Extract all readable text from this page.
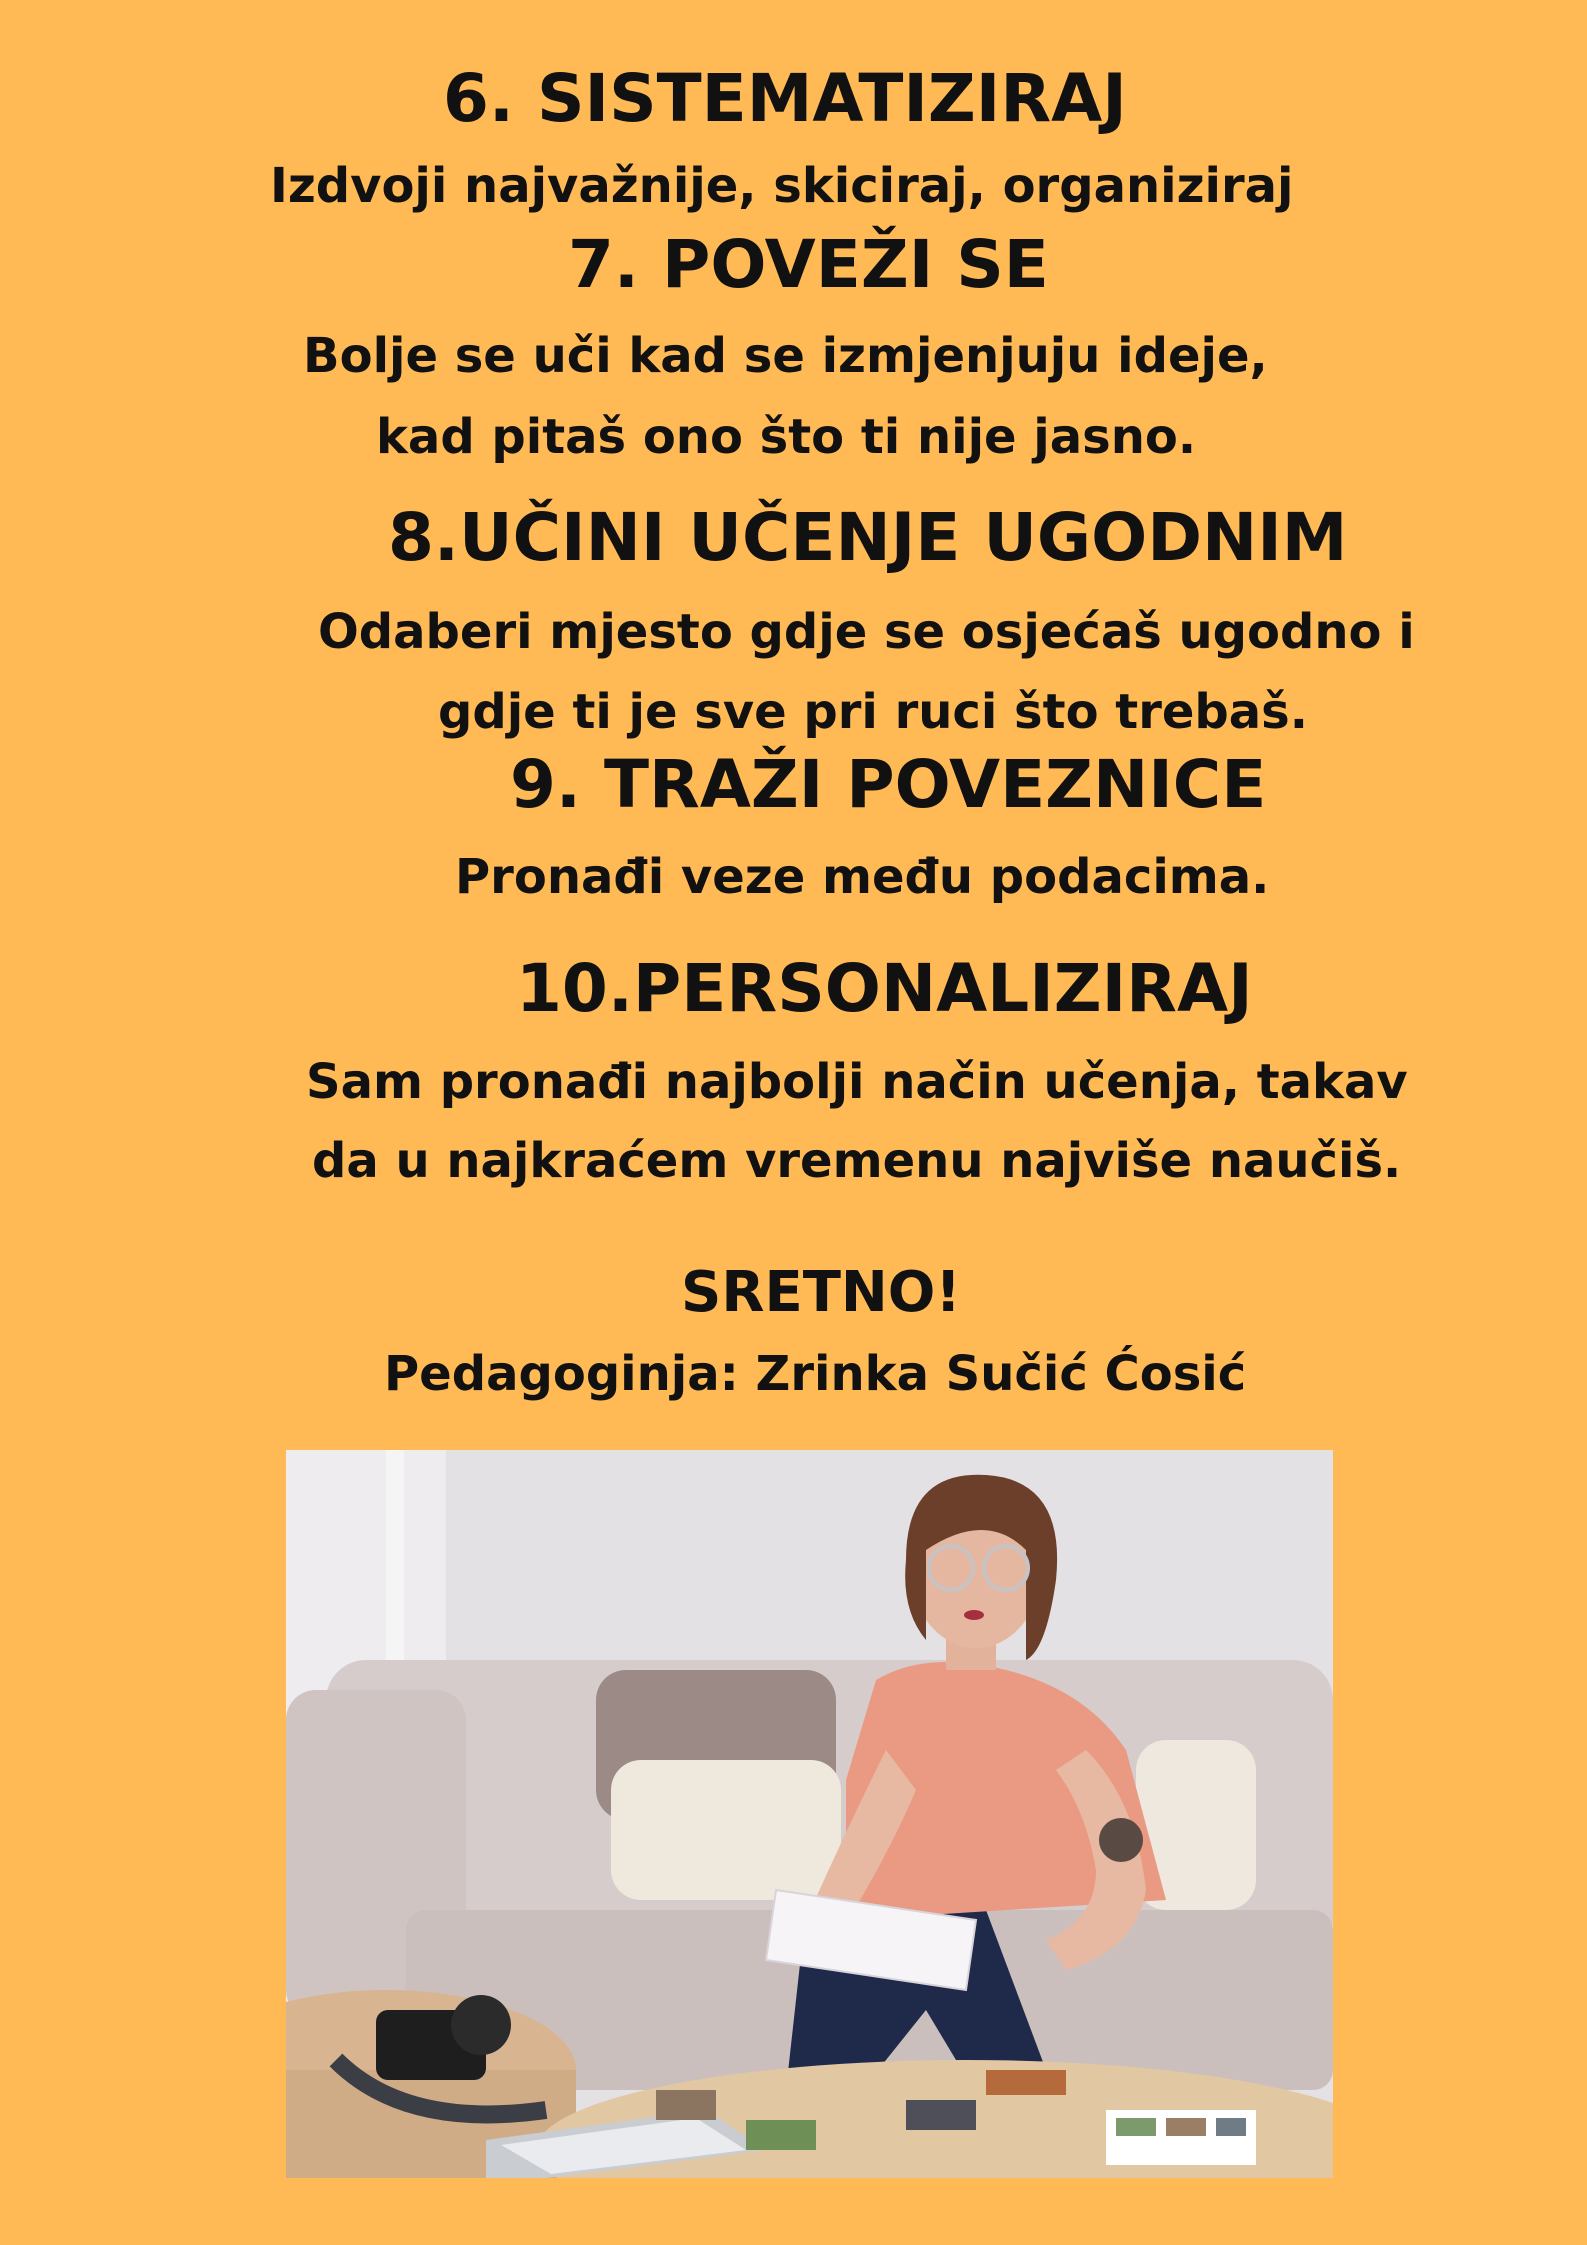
6. SISTEMATIZIRAJ

Izdvoji najvažnije, skiciraj, organiziraj

7. POVEŽI SE

Bolje se uči kad se izmjenjuju ideje,

kad pitaš ono što ti nije jasno.

8.UČINI UČENJE UGODNIM

Odaberi mjesto gdje se osjećaš ugodno i

gdje ti je sve pri ruci što trebaš.

9. TRAŽI POVEZNICE

Pronađi veze među podacima.

10.PERSONALIZIRAJ

Sam pronađi najbolji način učenja, takav

da u najkraćem vremenu najviše naučiš.

SRETNO!

Pedagoginja: Zrinka Sučić Ćosić
